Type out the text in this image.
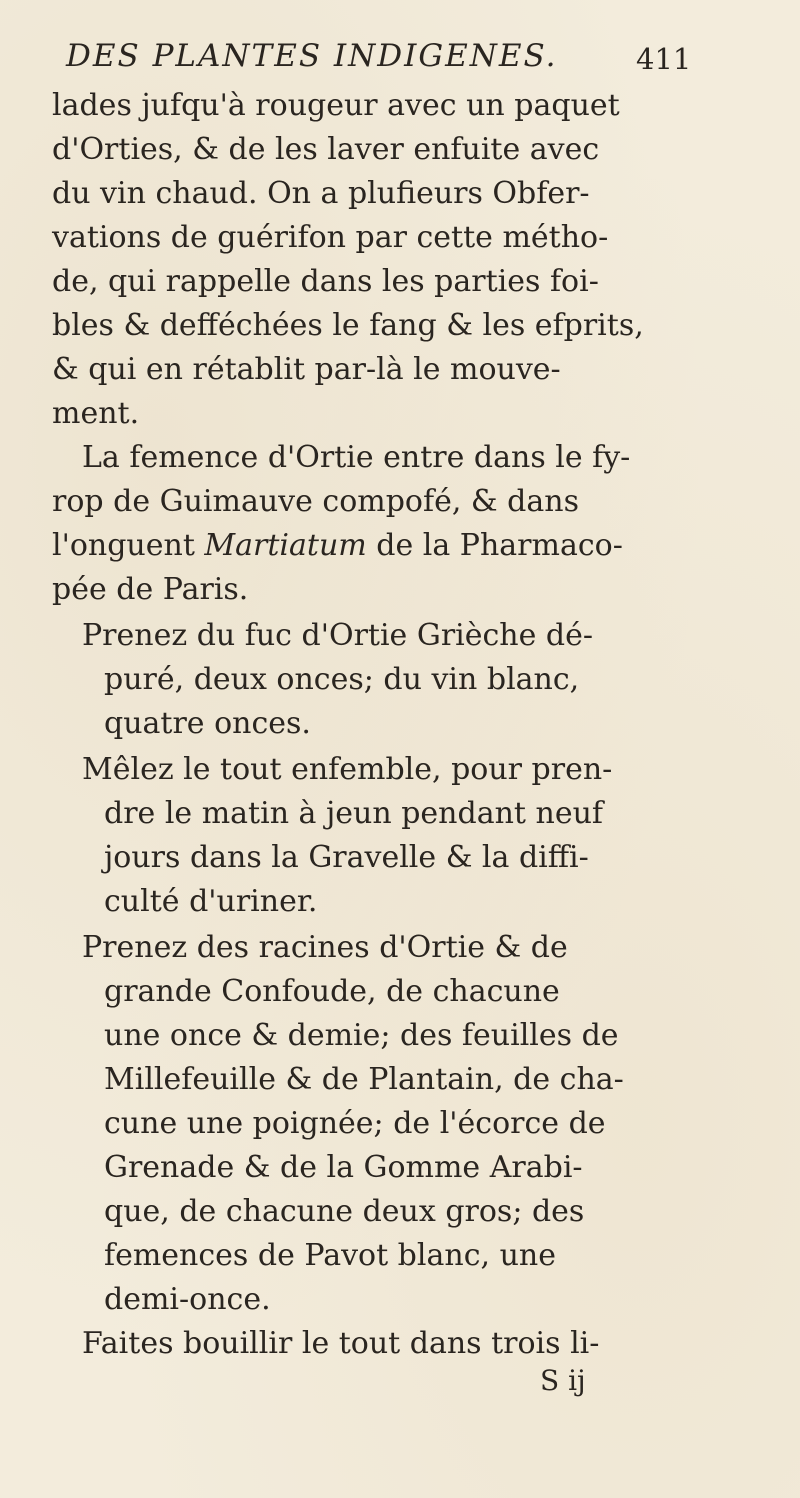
DES PLANTES INDIGENES.	411
lades jufqu'à rougeur avec un paquet
d'Orties, & de les laver enfuite avec
du vin chaud. On a plufieurs Obfer-
vations de guérifon par cette métho-
de, qui rappelle dans les parties foi-
bles & defféchées le fang & les efprits,
& qui en rétablit par-là le mouve-
ment.
La femence d'Ortie entre dans le fy-
rop de Guimauve compofé, & dans
l'onguent Martiatum de la Pharmaco-
pée de Paris.
Prenez du fuc d'Ortie Grièche dé-
puré, deux onces; du vin blanc,
quatre onces.
Mêlez le tout enfemble, pour pren-
dre le matin à jeun pendant neuf
jours dans la Gravelle & la diffi-
culté d'uriner.
Prenez des racines d'Ortie & de
grande Confoude, de chacune
une once & demie; des feuilles de
Millefeuille & de Plantain, de cha-
cune une poignée; de l'écorce de
Grenade & de la Gomme Arabi-
que, de chacune deux gros; des
femences de Pavot blanc, une
demi-once.
Faites bouillir le tout dans trois li-
S ij
